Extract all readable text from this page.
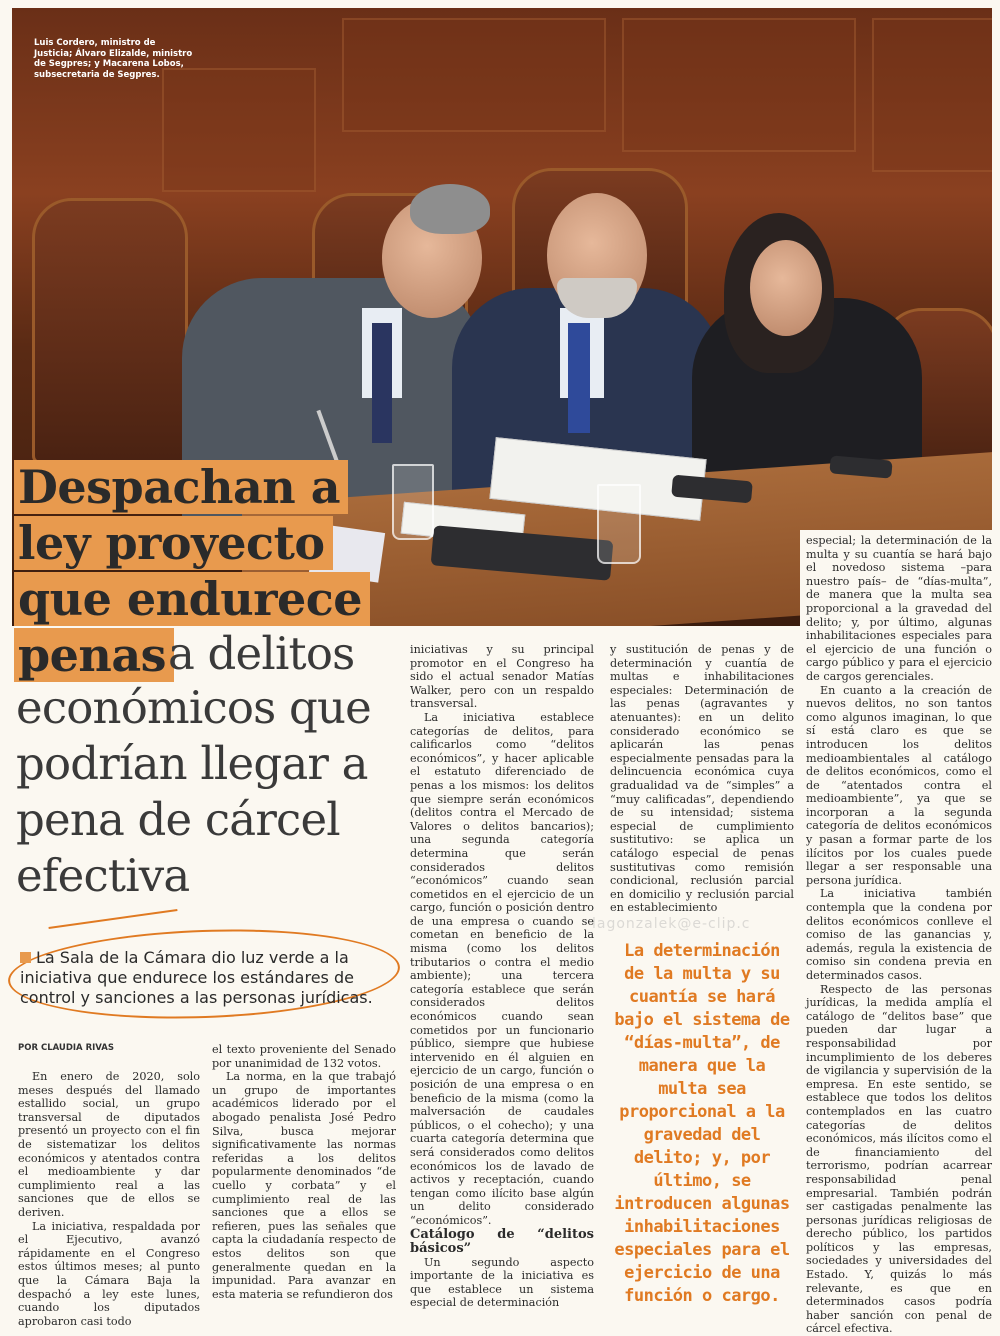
Luis Cordero, ministro de Justicia; Álvaro Elizalde, ministro de Segpres; y Macarena Lobos, subsecretaria de Segpres.
Despachan a
ley proyecto
que endurece
penas a delitos
económicos que
podrían llegar a
pena de cárcel
efectiva
La Sala de la Cámara dio luz verde a la iniciativa que endurece los estándares de control y sanciones a las personas jurídicas.
POR CLAUDIA RIVAS

En enero de 2020, solo meses después del llamado estallido social, un grupo transversal de diputados presentó un proyecto con el fin de sistematizar los delitos económicos y atentados contra el medioambiente y dar cumplimiento real a las sanciones que de ellos se deriven.

La iniciativa, respaldada por el Ejecutivo, avanzó rápidamente en el Congreso estos últimos meses; al punto que la Cámara Baja la despachó a ley este lunes, cuando los diputados aprobaron casi todo

el texto proveniente del Senado por unanimidad de 132 votos.

La norma, en la que trabajó un grupo de importantes académicos liderado por el abogado penalista José Pedro Silva, busca mejorar significativamente las normas referidas a los delitos popularmente denominados “de cuello y corbata” y el cumplimiento real de las sanciones que a ellos se refieren, pues las señales que capta la ciudadanía respecto de estos delitos son que generalmente quedan en la impunidad. Para avanzar en esta materia se refundieron dos

iniciativas y su principal promotor en el Congreso ha sido el actual senador Matías Walker, pero con un respaldo transversal.

La iniciativa establece categorías de delitos, para calificarlos como “delitos económicos”, y hacer aplicable el estatuto diferenciado de penas a los mismos: los delitos que siempre serán económicos (delitos contra el Mercado de Valores o delitos bancarios); una segunda categoría determina que serán considerados delitos “económicos” cuando sean cometidos en el ejercicio de un cargo, función o posición dentro de una empresa o cuando se cometan en beneficio de la misma (como los delitos tributarios o contra el medio ambiente); una tercera categoría establece que serán considerados delitos económicos cuando sean cometidos por un funcionario público, siempre que hubiese intervenido en él alguien en ejercicio de un cargo, función o posición de una empresa o en beneficio de la misma (como la malversación de caudales públicos, o el cohecho); y una cuarta categoría determina que será considerados como delitos económicos los de lavado de activos y receptación, cuando tengan como ilícito base algún un delito considerado “económicos”.

Catálogo de “delitos básicos”

Un segundo aspecto importante de la iniciativa es que establece un sistema especial de determinación

y sustitución de penas y de determinación y cuantía de multas e inhabilitaciones especiales: Determinación de las penas (agravantes y atenuantes): en un delito considerado económico se aplicarán las penas especialmente pensadas para la delincuencia económica cuya gradualidad va de “simples” a “muy calificadas”, dependiendo de su intensidad; sistema especial de cumplimiento sustitutivo: se aplica un catálogo especial de penas sustitutivas como remisión condicional, reclusión parcial en domicilio y reclusión parcial en establecimiento

lagonzalek@e-clip.c
La determinación de la multa y su cuantía se hará bajo el sistema de “días-multa”, de manera que la multa sea proporcional a la gravedad del delito; y, por último, se introducen algunas inhabilitaciones especiales para el ejercicio de una función o cargo.

especial; la determinación de la multa y su cuantía se hará bajo el novedoso sistema –para nuestro país– de “días-multa”, de manera que la multa sea proporcional a la gravedad del delito; y, por último, algunas inhabilitaciones especiales para el ejercicio de una función o cargo público y para el ejercicio de cargos gerenciales.

En cuanto a la creación de nuevos delitos, no son tantos como algunos imaginan, lo que sí está claro es que se introducen los delitos medioambientales al catálogo de delitos económicos, como el de “atentados contra el medioambiente”, ya que se incorporan a la segunda categoría de delitos económicos y pasan a formar parte de los ilícitos por los cuales puede llegar a ser responsable una persona jurídica.

La iniciativa también contempla que la condena por delitos económicos conlleve el comiso de las ganancias y, además, regula la existencia de comiso sin condena previa en determinados casos.

Respecto de las personas jurídicas, la medida amplía el catálogo de “delitos base” que pueden dar lugar a responsabilidad por incumplimiento de los deberes de vigilancia y supervisión de la empresa. En este sentido, se establece que todos los delitos contemplados en las cuatro categorías de delitos económicos, más ilícitos como el de financiamiento del terrorismo, podrían acarrear responsabilidad penal empresarial. También podrán ser castigadas penalmente las personas jurídicas religiosas de derecho público, los partidos políticos y las empresas, sociedades y universidades del Estado. Y, quizás lo más relevante, es que en determinados casos podría haber sanción con penal de cárcel efectiva.
